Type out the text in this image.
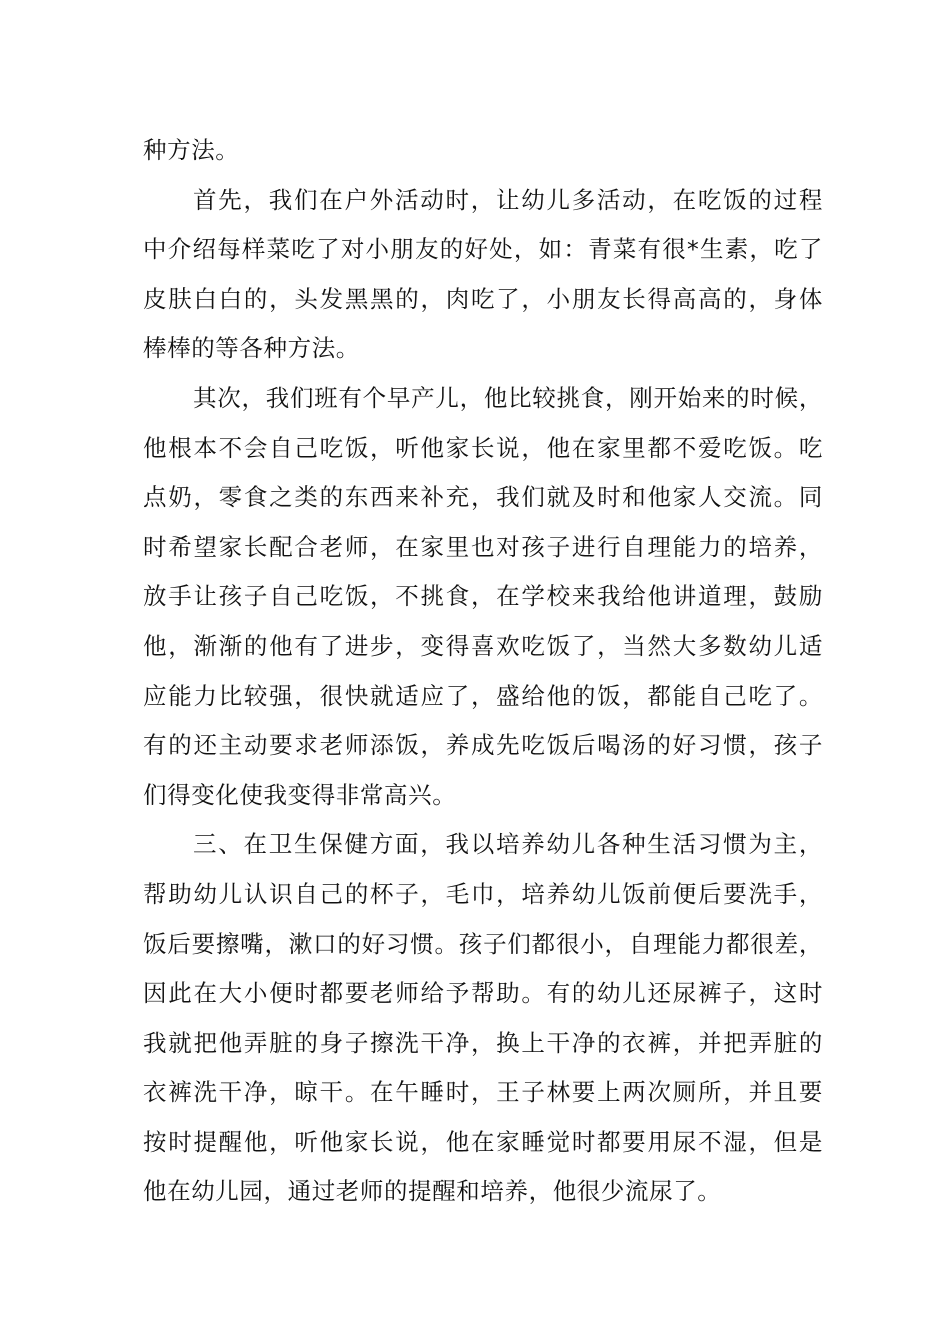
种方法。
首先，我们在户外活动时，让幼儿多活动，在吃饭的过程
中介绍每样菜吃了对小朋友的好处，如：青菜有很*生素，吃了
皮肤白白的，头发黑黑的，肉吃了，小朋友长得高高的，身体
棒棒的等各种方法。
其次，我们班有个早产儿，他比较挑食，刚开始来的时候，
他根本不会自己吃饭，听他家长说，他在家里都不爱吃饭。吃
点奶，零食之类的东西来补充，我们就及时和他家人交流。同
时希望家长配合老师，在家里也对孩子进行自理能力的培养，
放手让孩子自己吃饭，不挑食，在学校来我给他讲道理，鼓励
他，渐渐的他有了进步，变得喜欢吃饭了，当然大多数幼儿适
应能力比较强，很快就适应了，盛给他的饭，都能自己吃了。
有的还主动要求老师添饭，养成先吃饭后喝汤的好习惯，孩子
们得变化使我变得非常高兴。
三、在卫生保健方面，我以培养幼儿各种生活习惯为主，
帮助幼儿认识自己的杯子，毛巾，培养幼儿饭前便后要洗手，
饭后要擦嘴，漱口的好习惯。孩子们都很小，自理能力都很差，
因此在大小便时都要老师给予帮助。有的幼儿还尿裤子，这时
我就把他弄脏的身子擦洗干净，换上干净的衣裤，并把弄脏的
衣裤洗干净，晾干。在午睡时，王子林要上两次厕所，并且要
按时提醒他，听他家长说，他在家睡觉时都要用尿不湿，但是
他在幼儿园，通过老师的提醒和培养，他很少流尿了。
